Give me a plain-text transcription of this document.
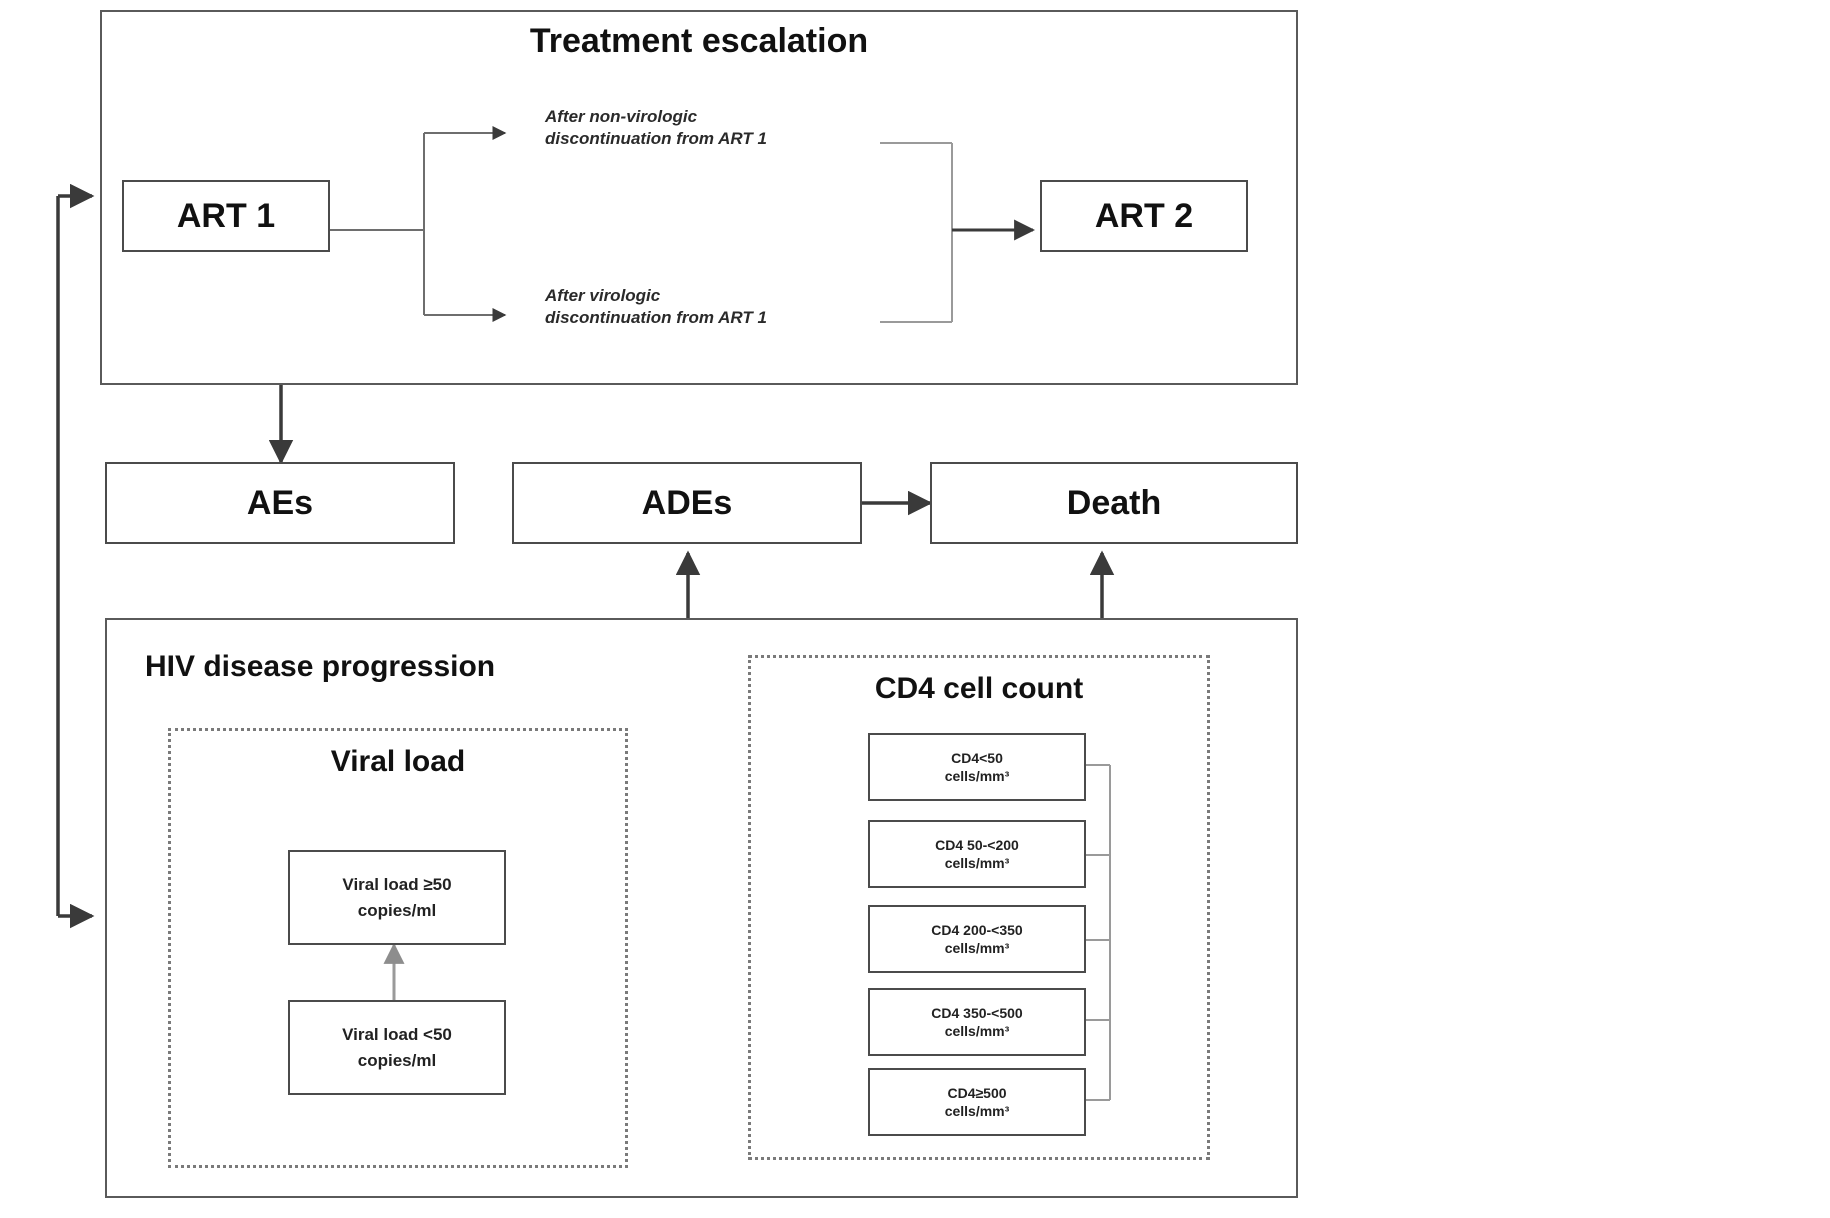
Treatment escalation
ART 1	ART 2
After non-virologic
discontinuation from ART 1
After virologic
discontinuation from ART 1
AEs	ADEs	Death
HIV disease progression
Viral load
Viral load ≥50
copies/ml
Viral load <50
copies/ml
CD4 cell count
CD4<50
cells/mm³
CD4 50-<200
cells/mm³
CD4 200-<350
cells/mm³
CD4 350-<500
cells/mm³
CD4≥500
cells/mm³
